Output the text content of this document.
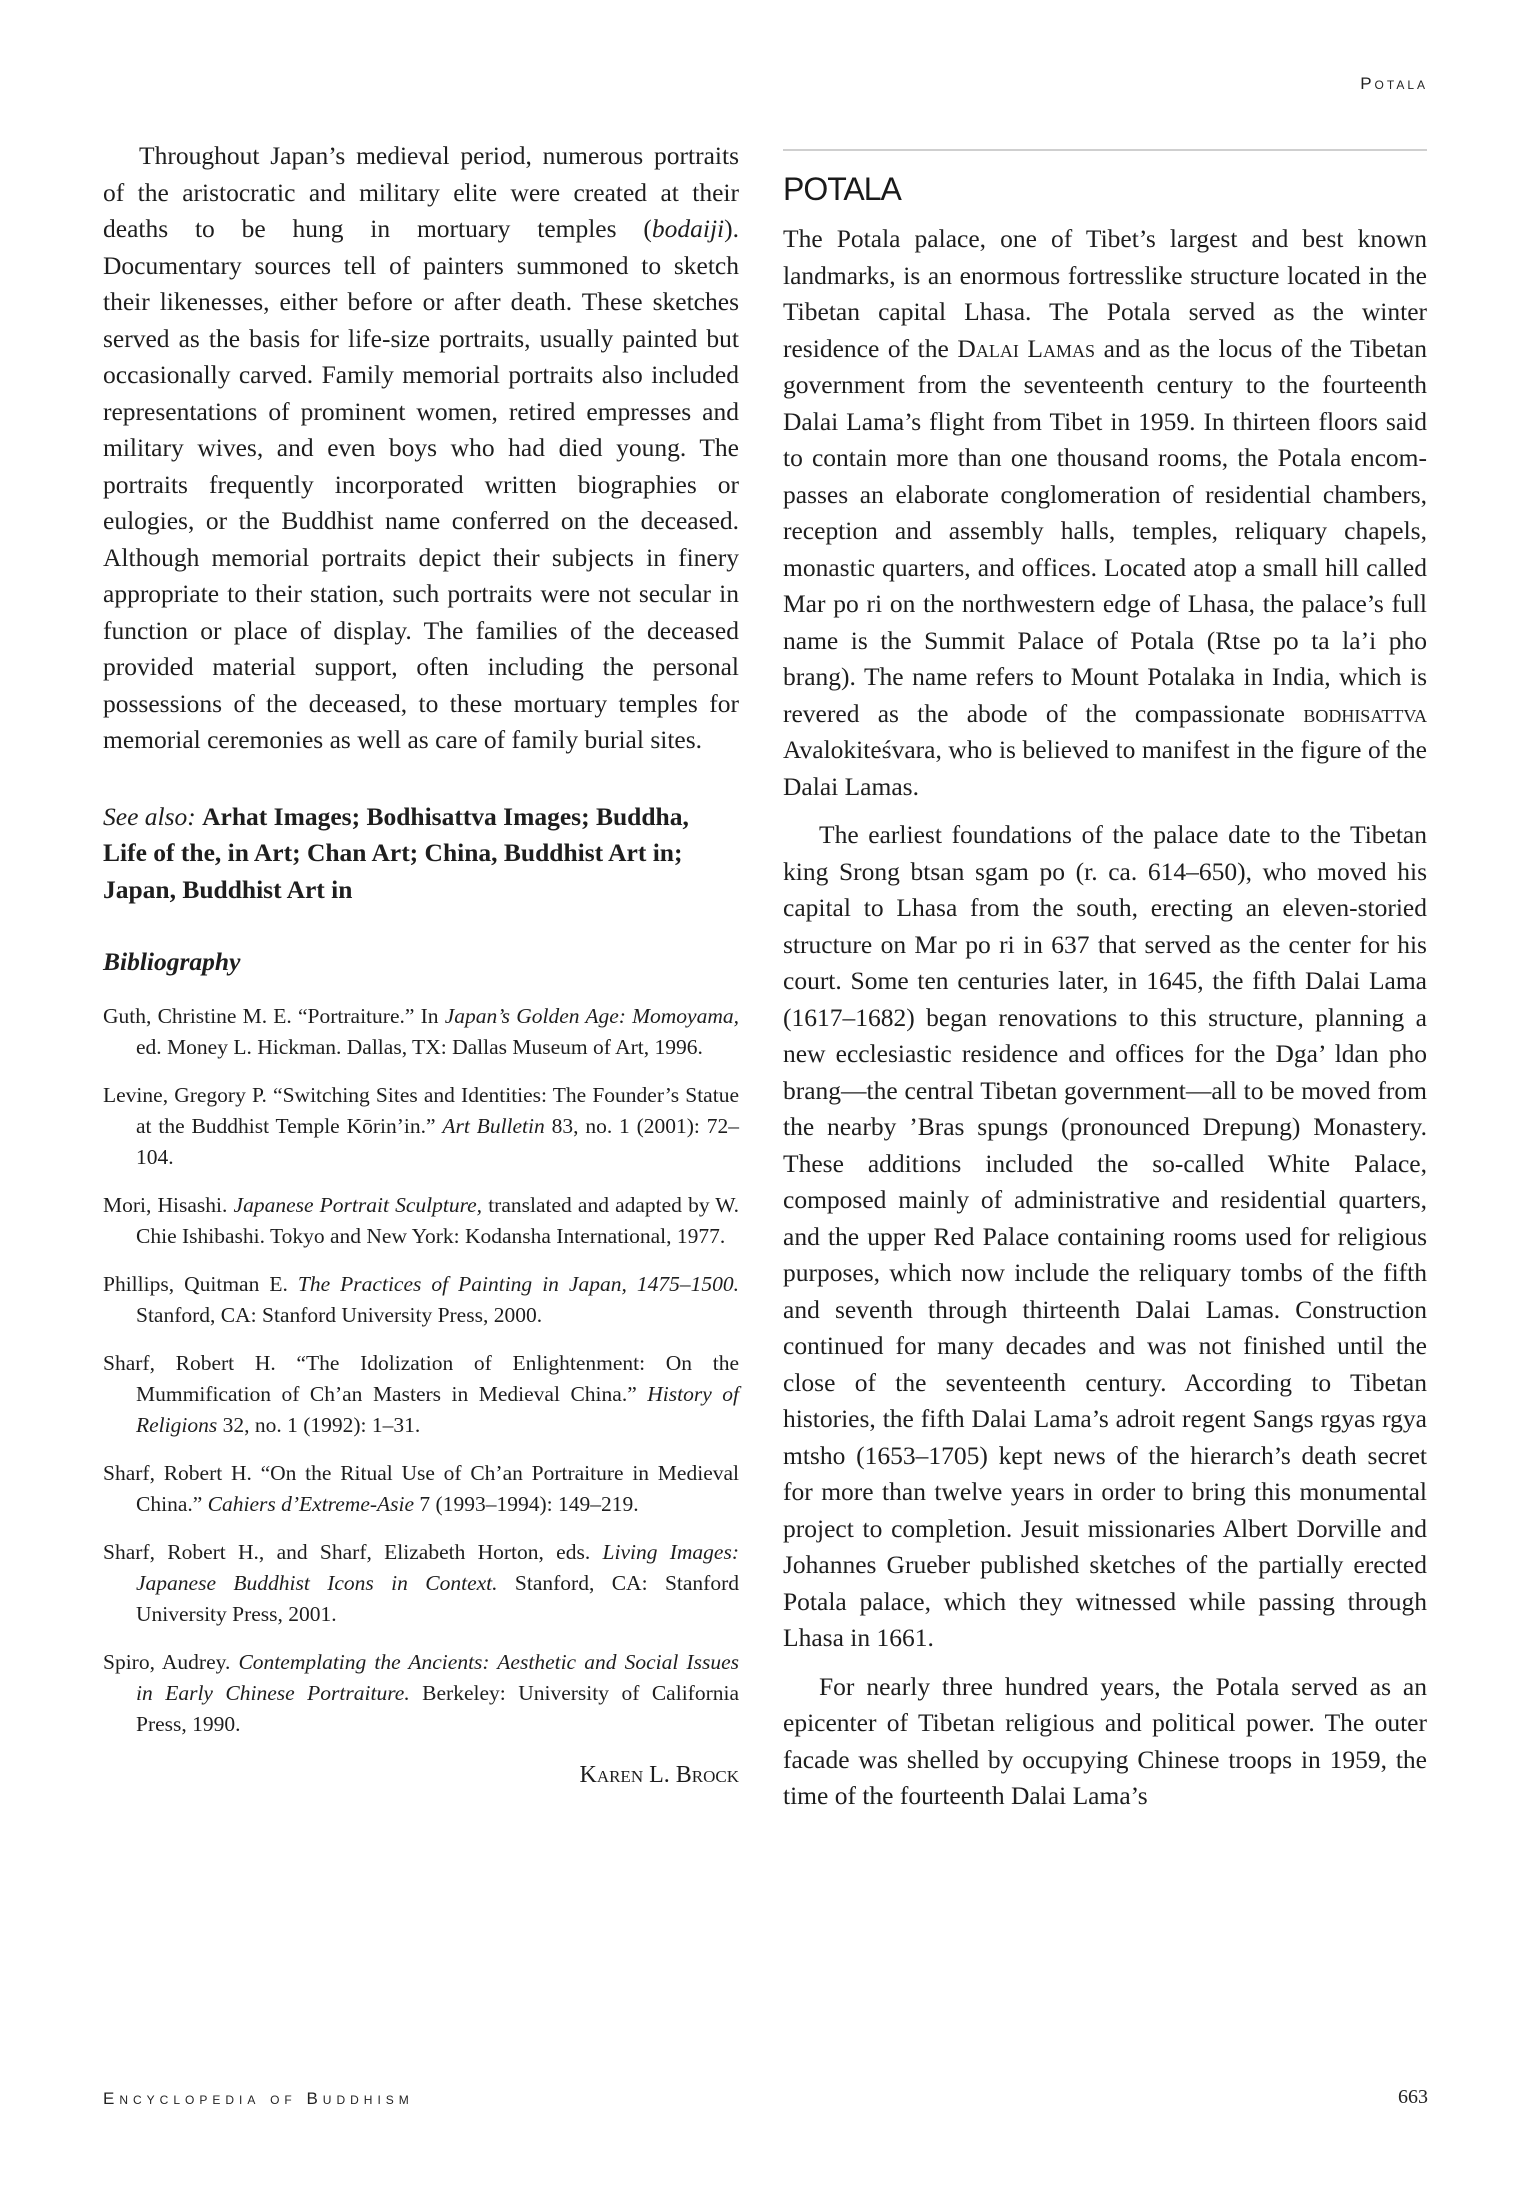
Potala

Throughout Japan’s medieval period, numerous portraits of the aristocratic and military elite were created at their deaths to be hung in mortuary temples (bodaiji). Documentary sources tell of painters summoned to sketch their likenesses, either before or after death. These sketches served as the basis for life-size portraits, usually painted but occasionally carved. Family memorial portraits also included representations of prominent women, retired empresses and military wives, and even boys who had died young. The portraits frequently incorporated written biographies or eulogies, or the Buddhist name conferred on the deceased. Although memorial portraits depict their subjects in finery appropriate to their station, such portraits were not secular in function or place of display. The families of the deceased provided material support, often including the personal possessions of the deceased, to these mortuary temples for memorial ceremonies as well as care of family burial sites.

See also: Arhat Images; Bodhisattva Images; Buddha, Life of the, in Art; Chan Art; China, Buddhist Art in; Japan, Buddhist Art in

Bibliography

Guth, Christine M. E. “Portraiture.” In Japan’s Golden Age: Momoyama, ed. Money L. Hickman. Dallas, TX: Dallas Museum of Art, 1996.

Levine, Gregory P. “Switching Sites and Identities: The Founder’s Statue at the Buddhist Temple Kōrin’in.” Art Bulletin 83, no. 1 (2001): 72–104.

Mori, Hisashi. Japanese Portrait Sculpture, translated and adapted by W. Chie Ishibashi. Tokyo and New York: Kodansha International, 1977.

Phillips, Quitman E. The Practices of Painting in Japan, 1475–1500. Stanford, CA: Stanford University Press, 2000.

Sharf, Robert H. “The Idolization of Enlightenment: On the Mummification of Ch’an Masters in Medieval China.” History of Religions 32, no. 1 (1992): 1–31.

Sharf, Robert H. “On the Ritual Use of Ch’an Portraiture in Medieval China.” Cahiers d’Extreme-Asie 7 (1993–1994): 149–219.

Sharf, Robert H., and Sharf, Elizabeth Horton, eds. Living Images: Japanese Buddhist Icons in Context. Stanford, CA: Stanford University Press, 2001.

Spiro, Audrey. Contemplating the Ancients: Aesthetic and Social Issues in Early Chinese Portraiture. Berkeley: University of California Press, 1990.

Karen L. Brock

POTALA

The Potala palace, one of Tibet’s largest and best known landmarks, is an enormous fortresslike structure located in the Tibetan capital Lhasa. The Potala served as the winter residence of the Dalai Lamas and as the locus of the Tibetan government from the seventeenth century to the fourteenth Dalai Lama’s flight from Tibet in 1959. In thirteen floors said to contain more than one thousand rooms, the Potala encompasses an elaborate conglomeration of residential chambers, reception and assembly halls, temples, reliquary chapels, monastic quarters, and offices. Located atop a small hill called Mar po ri on the northwestern edge of Lhasa, the palace’s full name is the Summit Palace of Potala (Rtse po ta la’i pho brang). The name refers to Mount Potalaka in India, which is revered as the abode of the compassionate bodhisattva Avalokiteśvara, who is believed to manifest in the figure of the Dalai Lamas.

The earliest foundations of the palace date to the Tibetan king Srong btsan sgam po (r. ca. 614–650), who moved his capital to Lhasa from the south, erecting an eleven-storied structure on Mar po ri in 637 that served as the center for his court. Some ten centuries later, in 1645, the fifth Dalai Lama (1617–1682) began renovations to this structure, planning a new ecclesiastic residence and offices for the Dga’ ldan pho brang—the central Tibetan government—all to be moved from the nearby ’Bras spungs (pronounced Drepung) Monastery. These additions included the so-called White Palace, composed mainly of administrative and residential quarters, and the upper Red Palace containing rooms used for religious purposes, which now include the reliquary tombs of the fifth and seventh through thirteenth Dalai Lamas. Construction continued for many decades and was not finished until the close of the seventeenth century. According to Tibetan histories, the fifth Dalai Lama’s adroit regent Sangs rgyas rgya mtsho (1653–1705) kept news of the hierarch’s death secret for more than twelve years in order to bring this monumental project to completion. Jesuit missionaries Albert Dorville and Johannes Grueber published sketches of the partially erected Potala palace, which they witnessed while passing through Lhasa in 1661.

For nearly three hundred years, the Potala served as an epicenter of Tibetan religious and political power. The outer facade was shelled by occupying Chinese troops in 1959, the time of the fourteenth Dalai Lama’s

Encyclopedia of Buddhism	663
